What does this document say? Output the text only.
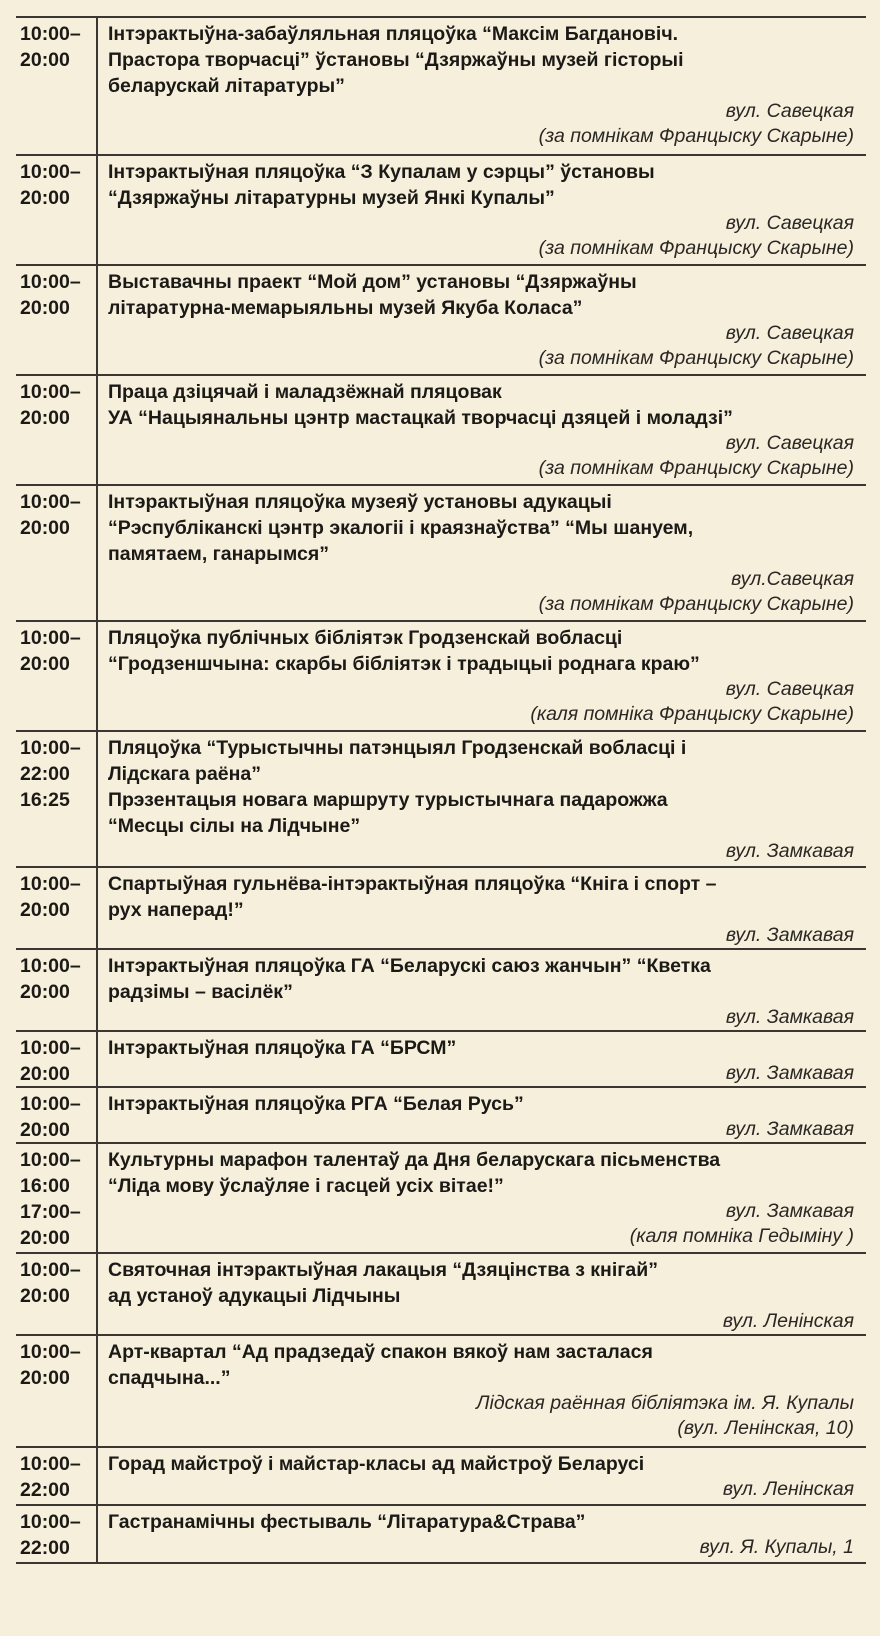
10:00–
20:00
Інтэрактыўна-забаўляльная пляцоўка “Максім Багдановіч.
Прастора творчасці” ўстановы “Дзяржаўны музей гісторыі
беларускай літаратуры”
вул. Савецкая
(за помнікам Францыску Скарыне)
10:00–
20:00
Інтэрактыўная пляцоўка “З Купалам у сэрцы” ўстановы
“Дзяржаўны літаратурны музей Янкі Купалы”
вул. Савецкая
(за помнікам Францыску Скарыне)
10:00–
20:00
Выставачны праект “Мой дом” установы “Дзяржаўны
літаратурна-мемарыяльны музей Якуба Коласа”
вул. Савецкая
(за помнікам Францыску Скарыне)
10:00–
20:00
Праца дзіцячай і маладзёжнай пляцовак
УА “Нацыянальны цэнтр мастацкай творчасці дзяцей і моладзі”
вул. Савецкая
(за помнікам Францыску Скарыне)
10:00–
20:00
Інтэрактыўная пляцоўка музеяў установы адукацыі
“Рэспубліканскі цэнтр экалогіі і краязнаўства” “Мы шануем,
памятаем, ганарымся”
вул.Савецкая
(за помнікам Францыску Скарыне)
10:00–
20:00
Пляцоўка публічных бібліятэк Гродзенскай вобласці
“Гродзеншчына: скарбы бібліятэк і традыцыі роднага краю”
вул. Савецкая
(каля помніка Францыску Скарыне)
10:00–
22:00
16:25
Пляцоўка “Турыстычны патэнцыял Гродзенскай вобласці і
Лідскага раёна”
Прэзентацыя новага маршруту турыстычнага падарожжа
“Месцы сілы на Лідчыне”
вул. Замкавая
10:00–
20:00
Спартыўная гульнёва-інтэрактыўная пляцоўка “Кніга і спорт –
рух наперад!”
вул. Замкавая
10:00–
20:00
Інтэрактыўная пляцоўка ГА “Беларускі саюз жанчын” “Кветка
радзімы – васілёк”
вул. Замкавая
10:00–
20:00
Інтэрактыўная пляцоўка ГА “БРСМ”
вул. Замкавая
10:00–
20:00
Інтэрактыўная пляцоўка РГА “Белая Русь”
вул. Замкавая
10:00–
16:00
17:00–
20:00
Культурны марафон талентаў да Дня беларускага пісьменства
“Ліда мову ўслаўляе і гасцей усіх вітае!”
вул. Замкавая
(каля помніка Гедыміну )
10:00–
20:00
Святочная інтэрактыўная лакацыя “Дзяцінства з кнігай”
ад устаноў адукацыі Лідчыны
вул. Ленінская
10:00–
20:00
Арт-квартал “Ад прадзедаў спакон вякоў нам засталася
спадчына...”
Лідская раённая бібліятэка ім. Я. Купалы
(вул. Ленінская, 10)
10:00–
22:00
Горад майстроў і майстар-класы ад майстроў Беларусі
вул. Ленінская
10:00–
22:00
Гастранамічны фестываль “Літаратура&Страва”
вул. Я. Купалы, 1
